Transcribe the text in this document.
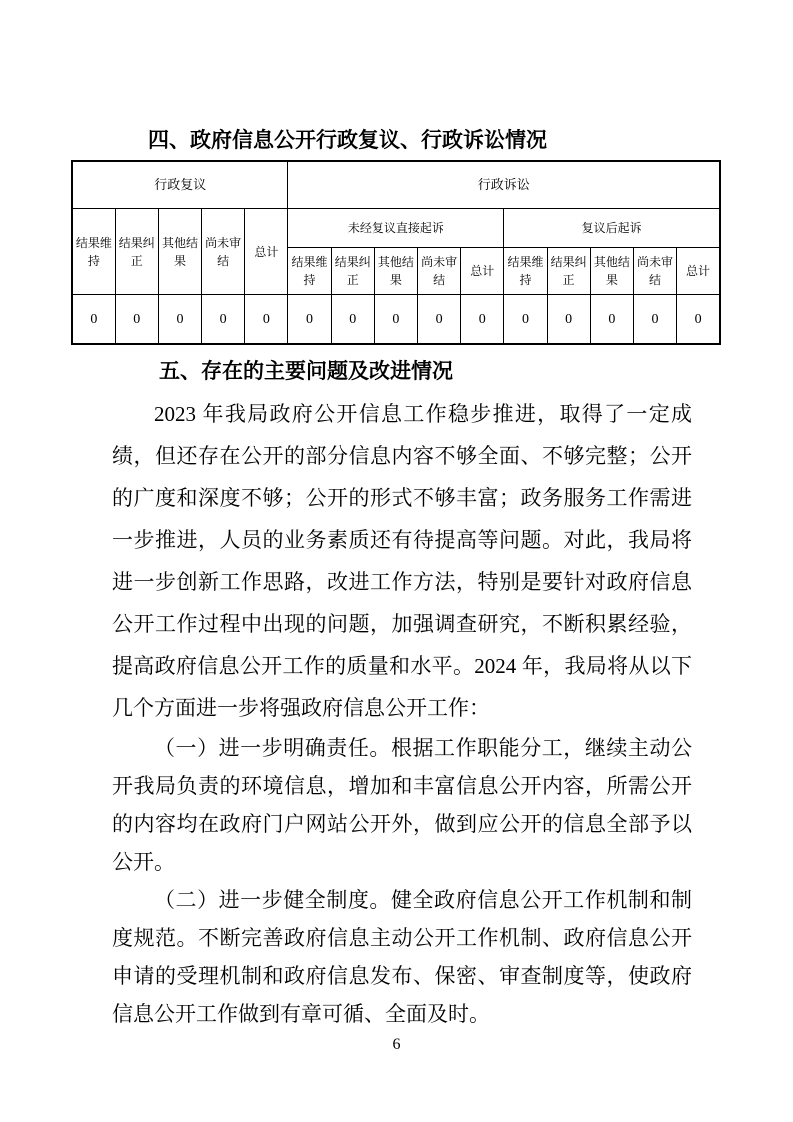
四、政府信息公开行政复议、行政诉讼情况
行政复议					行政诉讼									
结果维持	结果纠正	其他结果	尚未审结	总计	未经复议直接起诉					复议后起诉				
					结果维持	结果纠正	其他结果	尚未审结	总计	结果维持	结果纠正	其他结果	尚未审结	总计
0	0	0	0	0	0	0	0	0	0	0	0	0	0	0
五、存在的主要问题及改进情况

2023 年我局政府公开信息工作稳步推进，取得了一定成绩，但还存在公开的部分信息内容不够全面、不够完整；公开的广度和深度不够；公开的形式不够丰富；政务服务工作需进一步推进，人员的业务素质还有待提高等问题。对此，我局将进一步创新工作思路，改进工作方法，特别是要针对政府信息公开工作过程中出现的问题，加强调查研究，不断积累经验，提高政府信息公开工作的质量和水平。2024 年，我局将从以下几个方面进一步将强政府信息公开工作：

（一）进一步明确责任。根据工作职能分工，继续主动公开我局负责的环境信息，增加和丰富信息公开内容，所需公开的内容均在政府门户网站公开外，做到应公开的信息全部予以公开。

（二）进一步健全制度。健全政府信息公开工作机制和制度规范。不断完善政府信息主动公开工作机制、政府信息公开申请的受理机制和政府信息发布、保密、审查制度等，使政府信息公开工作做到有章可循、全面及时。

6
